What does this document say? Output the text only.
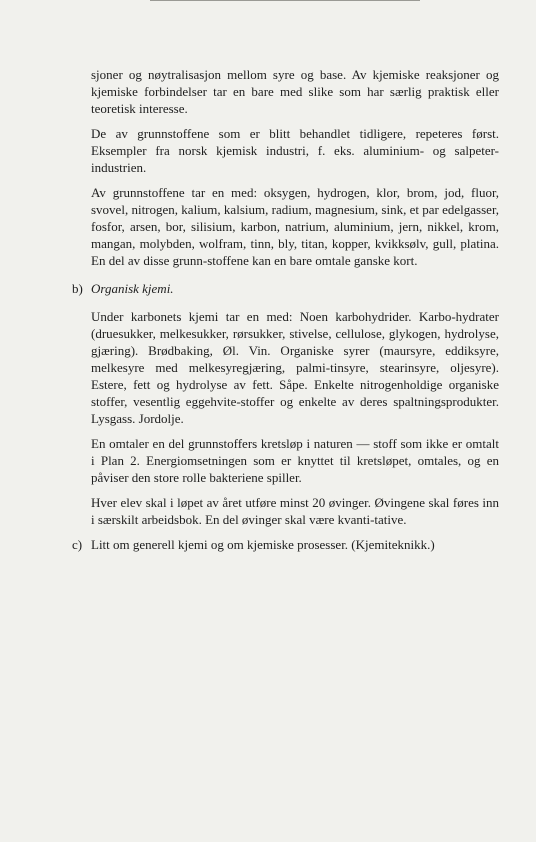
sjoner og nøytralisasjon mellom syre og base. Av kjemiske reaksjoner og kjemiske forbindelser tar en bare med slike som har særlig praktisk eller teoretisk interesse.

De av grunnstoffene som er blitt behandlet tidligere, repeteres først. Eksempler fra norsk kjemisk industri, f. eks. aluminium- og salpeter-industrien.

Av grunnstoffene tar en med: oksygen, hydrogen, klor, brom, jod, fluor, svovel, nitrogen, kalium, kalsium, radium, magnesium, sink, et par edelgasser, fosfor, arsen, bor, silisium, karbon, natrium, aluminium, jern, nikkel, krom, mangan, molybden, wolfram, tinn, bly, titan, kopper, kvikksølv, gull, platina. En del av disse grunn-stoffene kan en bare omtale ganske kort.

b) Organisk kjemi.

Under karbonets kjemi tar en med: Noen karbohydrider. Karbo-hydrater (druesukker, melkesukker, rørsukker, stivelse, cellulose, glykogen, hydrolyse, gjæring). Brødbaking, Øl. Vin. Organiske syrer (maursyre, eddiksyre, melkesyre med melkesyregjæring, palmi-tinsyre, stearinsyre, oljesyre). Estere, fett og hydrolyse av fett. Såpe. Enkelte nitrogenholdige organiske stoffer, vesentlig eggehvite-stoffer og enkelte av deres spaltningsprodukter. Lysgass. Jordolje.

En omtaler en del grunnstoffers kretsløp i naturen — stoff som ikke er omtalt i Plan 2. Energiomsetningen som er knyttet til kretsløpet, omtales, og en påviser den store rolle bakteriene spiller.

Hver elev skal i løpet av året utføre minst 20 øvinger. Øvingene skal føres inn i særskilt arbeidsbok. En del øvinger skal være kvanti-tative.

c) Litt om generell kjemi og om kjemiske prosesser. (Kjemiteknikk.)
